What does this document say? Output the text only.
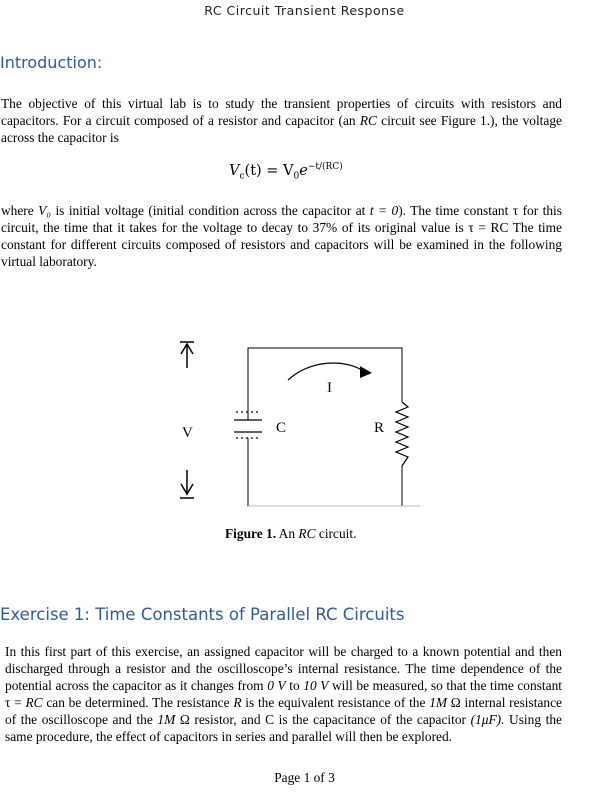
RC Circuit Transient Response
Introduction:
The objective of this virtual lab is to study the transient properties of circuits with resistors and capacitors. For a circuit composed of a resistor and capacitor (an RC circuit see Figure 1.), the voltage across the capacitor is
$V_c(t) = V_0e^{-t/(RC)}$
where V₀ is initial voltage (initial condition across the capacitor at t = 0). The time constant τ for this circuit, the time that it takes for the voltage to decay to 37% of its original value is τ = RC The time constant for different circuits composed of resistors and capacitors will be examined in the following virtual laboratory.
V	C	R
I
Figure 1. An RC circuit.
Exercise 1: Time Constants of Parallel RC Circuits
In this first part of this exercise, an assigned capacitor will be charged to a known potential and then discharged through a resistor and the oscilloscope’s internal resistance. The time dependence of the potential across the capacitor as it changes from 0 V to 10 V will be measured, so that the time constant τ = RC can be determined. The resistance R is the equivalent resistance of the 1M Ω internal resistance of the oscilloscope and the 1M Ω resistor, and C is the capacitance of the capacitor (1μF). Using the same procedure, the effect of capacitors in series and parallel will then be explored.
Page 1 of 3
